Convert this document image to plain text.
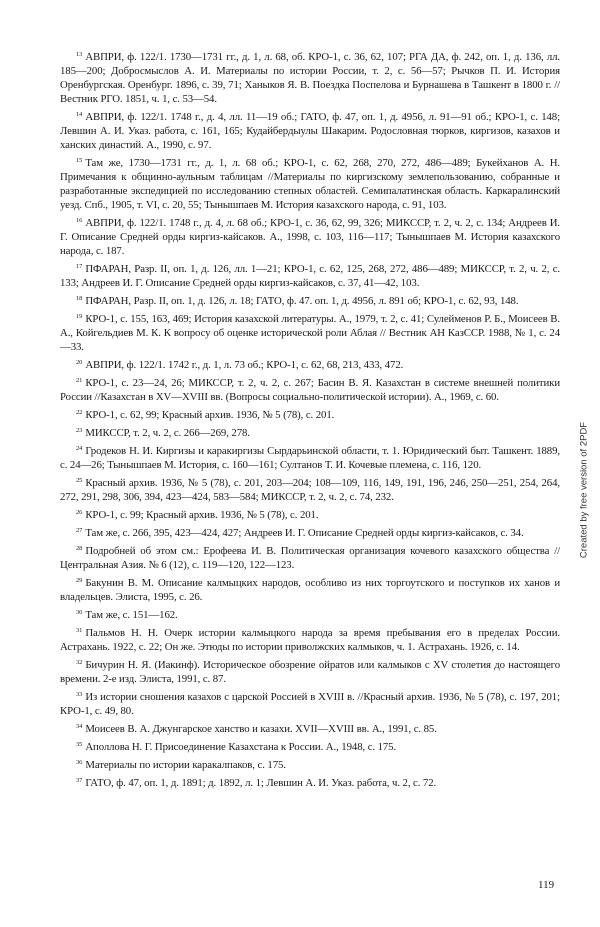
$^{13}$ АВПРИ, ф. 122/1. 1730—1731 гг., д. 1, л. 68, об. КРО-1, с. 36, 62, 107; РГА ДА, ф. 242, оп. 1, д. 136, лл. 185—200; Добросмыслов А. И. Материалы по истории России, т. 2, с. 56—57; Рычков П. И. История Оренбургская. Оренбург. 1896, с. 39, 71; Ханыков Я. В. Поездка Поспелова и Бурнашева в Ташкент в 1800 г. //Вестник РГО. 1851, ч. 1, с. 53—54.

$^{14}$ АВПРИ, ф. 122/1. 1748 г., д. 4, лл. 11—19 об.; ГАТО, ф. 47, оп. 1, д. 4956, л. 91—91 об.; КРО-1, с. 148; Левшин А. И. Указ. работа, с. 161, 165; Кудайбердыулы Шакарим. Родословная тюрков, киргизов, казахов и ханских династий. А., 1990, с. 97.

$^{15}$ Там же, 1730—1731 гг., д. 1, л. 68 об.; КРО-1, с. 62, 268, 270, 272, 486—489; Букейханов А. Н. Примечания к общинно-аульным таблицам //Материалы по киргизскому землепользованию, собранные и разработанные экспедицией по исследованию степных областей. Семипалатинская область. Каркаралинский уезд. Спб., 1905, т. VI, с. 20, 55; Тынышпаев М. История казахского народа, с. 91, 103.

$^{16}$ АВПРИ, ф. 122/1. 1748 г., д. 4, л. 68 об.; КРО-1, с. 36, 62, 99, 326; МИКССР, т. 2, ч. 2, с. 134; Андреев И. Г. Описание Средней орды киргиз-кайсаков. А., 1998, с. 103, 116—117; Тынышпаев М. История казахского народа, с. 187.

$^{17}$ ПФАРАН, Разр. II, оп. 1, д. 126, лл. 1—21; КРО-1, с. 62, 125, 268, 272, 486—489; МИКССР, т. 2, ч. 2, с. 133; Андреев И. Г. Описание Средней орды киргиз-кайсаков, с. 37, 41—42, 103.

$^{18}$ ПФАРАН, Разр. II, оп. 1, д. 126, л. 18; ГАТО, ф. 47. оп. 1, д. 4956, л. 891 об; КРО-1, с. 62, 93, 148.

$^{19}$ КРО-1, с. 155, 163, 469; История казахской литературы. А., 1979, т. 2, с. 41; Сулейменов Р. Б., Моисеев В. А., Койгельдиев М. К. К вопросу об оценке исторической роли Аблая // Вестник АН КазССР. 1988, № 1, с. 24—33.

$^{20}$ АВПРИ, ф. 122/1. 1742 г., д. 1, л. 73 об.; КРО-1, с. 62, 68, 213, 433, 472.

$^{21}$ КРО-1, с. 23—24, 26; МИКССР, т. 2, ч. 2, с. 267; Басин В. Я. Казахстан в системе внешней политики России //Казахстан в XV—XVIII вв. (Вопросы социально-политической истории). А., 1969, с. 60.

$^{22}$ КРО-1, с. 62, 99; Красный архив. 1936, № 5 (78), с. 201.

$^{23}$ МИКССР, т. 2, ч. 2, с. 266—269, 278.

$^{24}$ Гродеков Н. И. Киргизы и каракиргизы Сырдарьинской области, т. 1. Юридический быт. Ташкент. 1889, с. 24—26; Тынышпаев М. История, с. 160—161; Султанов Т. И. Кочевые племена, с. 116, 120.

$^{25}$ Красный архив. 1936, № 5 (78), с. 201, 203—204; 108—109, 116, 149, 191, 196, 246, 250—251, 254, 264, 272, 291, 298, 306, 394, 423—424, 583—584; МИКССР, т. 2, ч. 2, с. 74, 232.

$^{26}$ КРО-1, с. 99; Красный архив. 1936, № 5 (78), с. 201.

$^{27}$ Там же, с. 266, 395, 423—424, 427; Андреев И. Г. Описание Средней орды киргиз-кайсаков, с. 34.

$^{28}$ Подробней об этом см.: Ерофеева И. В. Политическая организация кочевого казахского общества //Центральная Азия. № 6 (12), с. 119—120, 122—123.

$^{29}$ Бакунин В. М. Описание калмыцких народов, особливо из них торгоутского и поступков их ханов и владельцев. Элиста, 1995, с. 26.

$^{30}$ Там же, с. 151—162.

$^{31}$ Пальмов Н. Н. Очерк истории калмыцкого народа за время пребывания его в пределах России. Астрахань. 1922, с. 22; Он же. Этюды по истории приволжских калмыков, ч. 1. Астрахань. 1926, с. 14.

$^{32}$ Бичурин Н. Я. (Иакинф). Историческое обозрение ойратов или калмыков с XV столетия до настоящего времени. 2-е изд. Элиста, 1991, с. 87.

$^{33}$ Из истории сношения казахов с царской Россией в XVIII в. //Красный архив. 1936, № 5 (78), с. 197, 201; КРО-1, с. 49, 80.

$^{34}$ Моисеев В. А. Джунгарское ханство и казахи. XVII—XVIII вв. А., 1991, с. 85.

$^{35}$ Аполлова Н. Г. Присоединение Казахстана к России. А., 1948, с. 175.

$^{36}$ Материалы по истории каракалпаков, с. 175.

$^{37}$ ГАТО, ф. 47, оп. 1, д. 1891; д. 1892, л. 1; Левшин А. И. Указ. работа, ч. 2, с. 72.

119
Created by free version of 2PDF
